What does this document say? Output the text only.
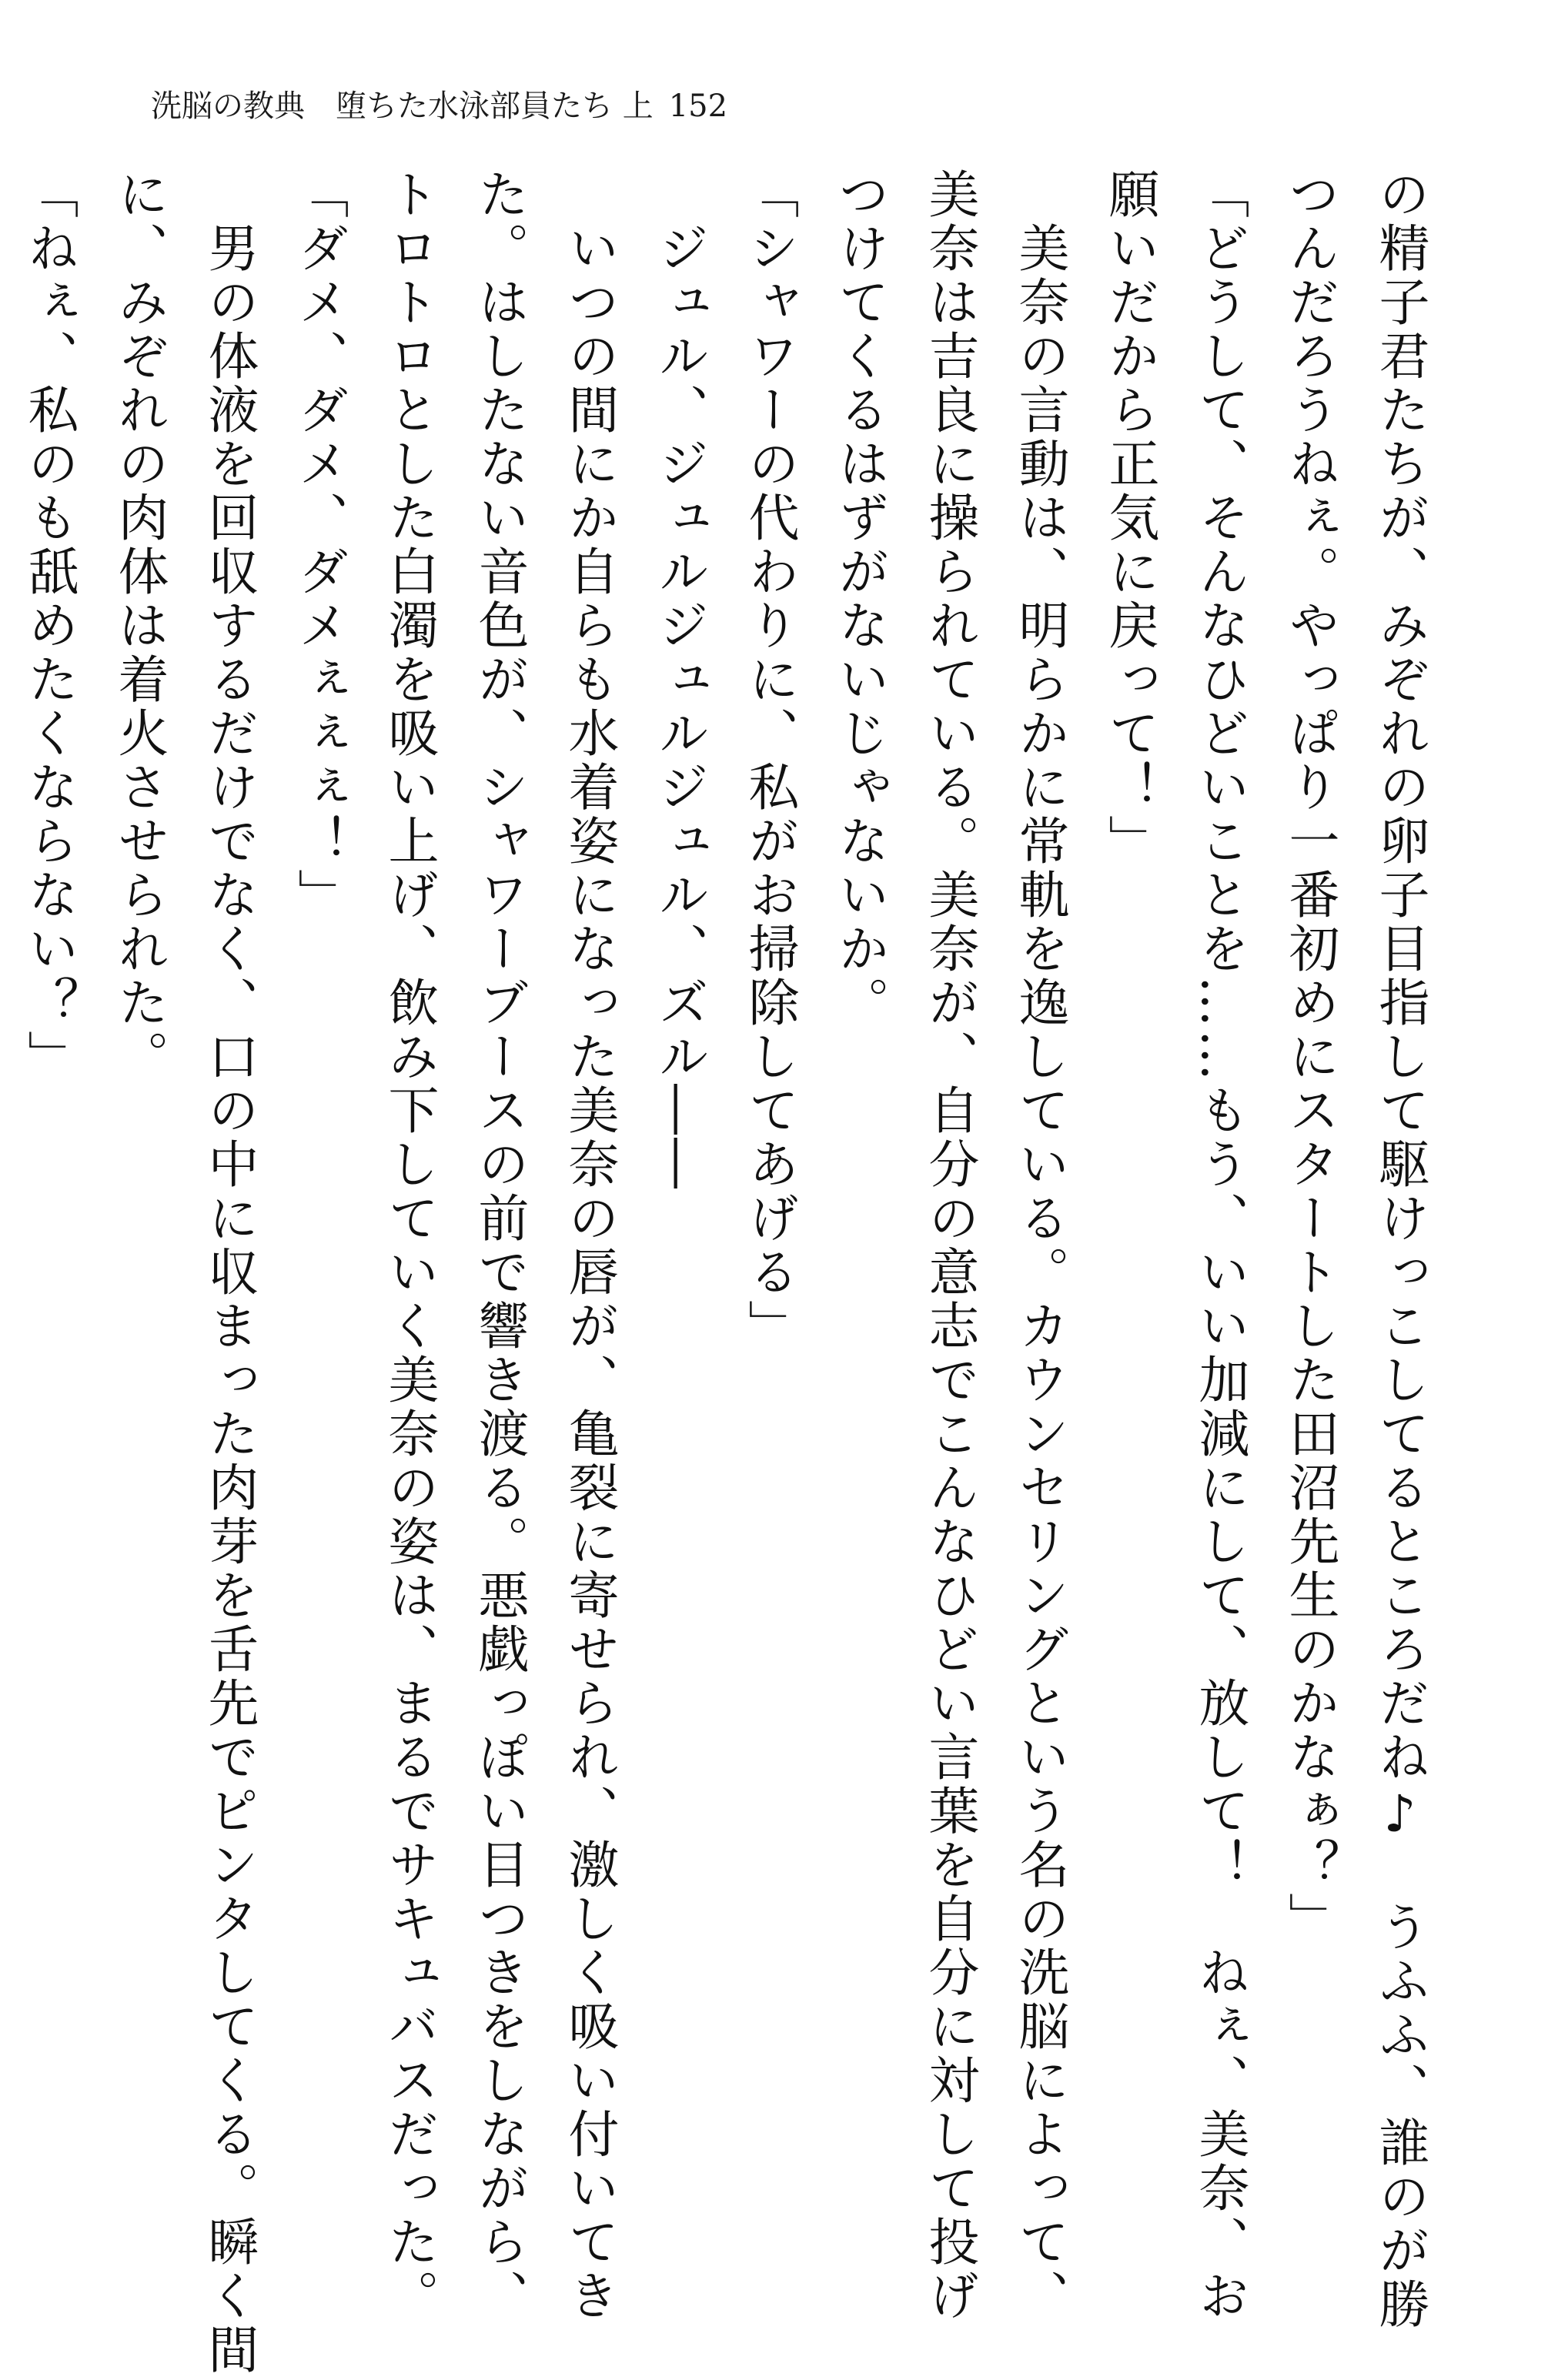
洗脳の教典　堕ちた水泳部員たち 上 152
の精子君たちが、みぞれの卵子目指して駆けっこしてるところだね♪　うふふ、誰のが勝
つんだろうねぇ。やっぱり一番初めにスタートした田沼先生のかなぁ？」
「どうして、そんなひどいことを……もう、いい加減にして、放して！　ねぇ、美奈、お
願いだから正気に戻って！」
　美奈の言動は、明らかに常軌を逸している。カウンセリングという名の洗脳によって、
美奈は吉良に操られている。美奈が、自分の意志でこんなひどい言葉を自分に対して投げ
つけてくるはずがないじゃないか。
「シャワーの代わりに、私がお掃除してあげる」
　ジュル、ジュルジュルジュル、ズル――
　いつの間にか自らも水着姿になった美奈の唇が、亀裂に寄せられ、激しく吸い付いてき
た。はしたない音色が、シャワーブースの前で響き渡る。悪戯っぽい目つきをしながら、
トロトロとした白濁を吸い上げ、飲み下していく美奈の姿は、まるでサキュバスだった。
「ダメ、ダメ、ダメぇぇぇ！」
　男の体液を回収するだけでなく、口の中に収まった肉芽を舌先でピンタしてくる。瞬く間
に、みぞれの肉体は着火させられた。
「ねぇ、私のも舐めたくならない？」
